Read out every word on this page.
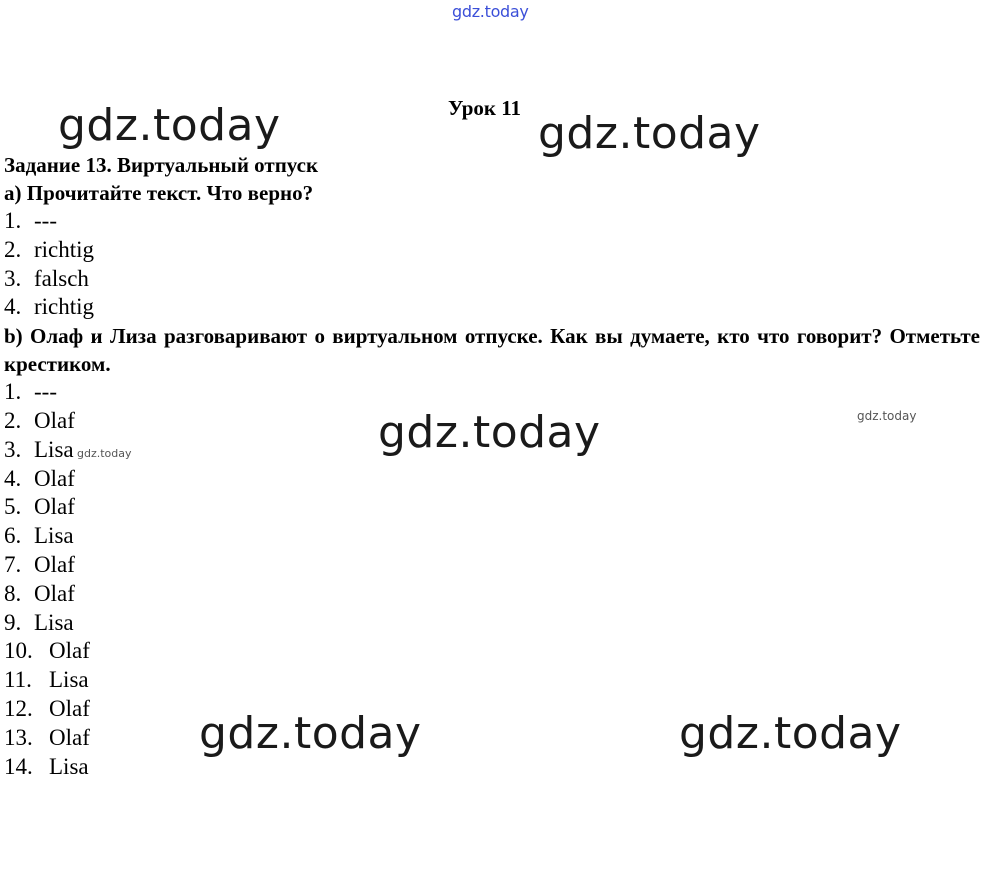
gdz.today
gdz.today	gdz.today
gdz.today
gdz.today	gdz.today
gdz.today
gdz.today
Урок 11
Задание 13. Виртуальный отпуск
a) Прочитайте текст. Что верно?
1. ---
2. richtig
3. falsch
4. richtig
b) Олаф и Лиза разговаривают о виртуальном отпуске. Как вы думаете, кто что говорит? Отметьте крестиком.
1. ---
2. Olaf
3. Lisa
4. Olaf
5. Olaf
6. Lisa
7. Olaf
8. Olaf
9. Lisa
10. Olaf
11. Lisa
12. Olaf
13. Olaf
14. Lisa
